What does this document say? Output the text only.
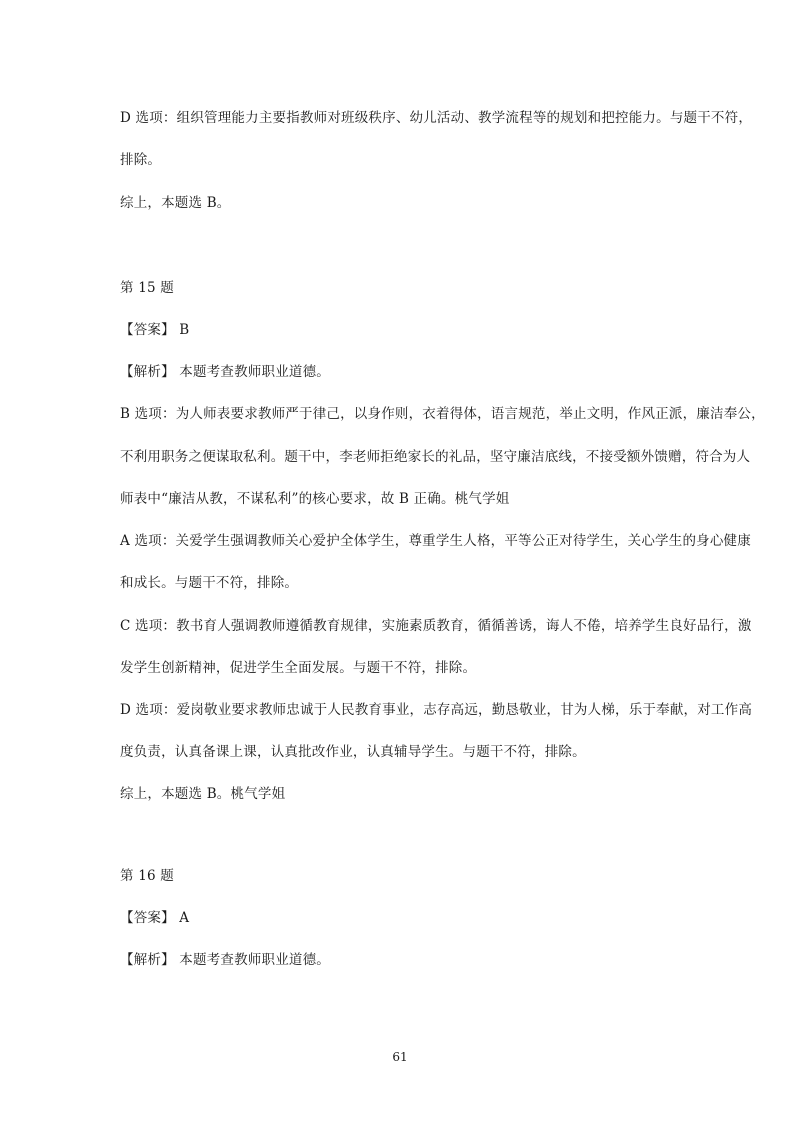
D 选项：组织管理能力主要指教师对班级秩序、幼儿活动、教学流程等的规划和把控能力。与题干不符，
排除。
综上，本题选 B。
第 15 题
【答案】 B
【解析】 本题考查教师职业道德。
B 选项：为人师表要求教师严于律己，以身作则，衣着得体，语言规范，举止文明，作风正派，廉洁奉公，
不利用职务之便谋取私利。题干中，李老师拒绝家长的礼品，坚守廉洁底线，不接受额外馈赠，符合为人
师表中“廉洁从教，不谋私利”的核心要求，故 B 正确。桃气学姐
A 选项：关爱学生强调教师关心爱护全体学生，尊重学生人格，平等公正对待学生，关心学生的身心健康
和成长。与题干不符，排除。
C 选项：教书育人强调教师遵循教育规律，实施素质教育，循循善诱，诲人不倦，培养学生良好品行，激
发学生创新精神，促进学生全面发展。与题干不符，排除。
D 选项：爱岗敬业要求教师忠诚于人民教育事业，志存高远，勤恳敬业，甘为人梯，乐于奉献，对工作高
度负责，认真备课上课，认真批改作业，认真辅导学生。与题干不符，排除。
综上，本题选 B。桃气学姐
第 16 题
【答案】 A
【解析】 本题考查教师职业道德。
61
